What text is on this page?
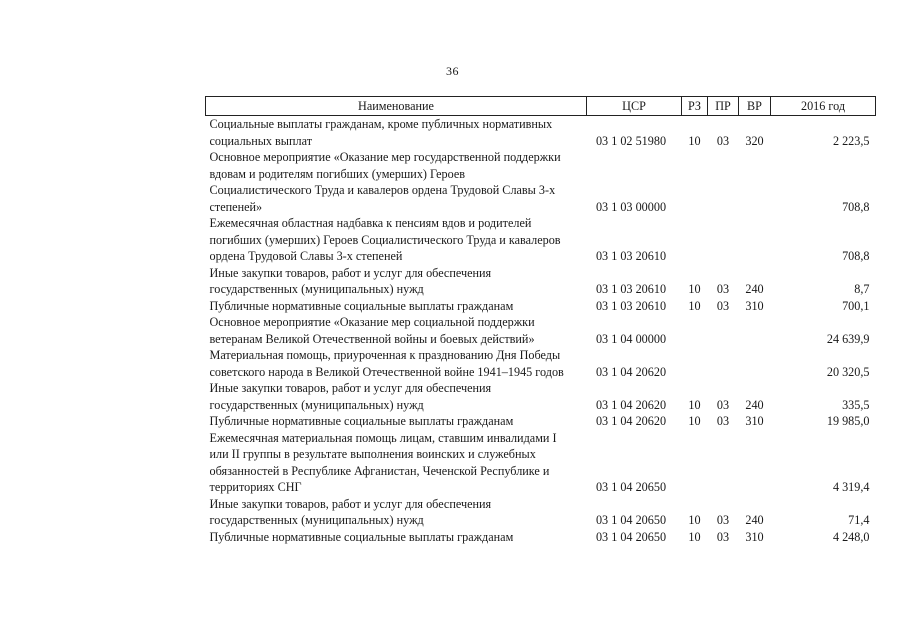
36
Наименование	ЦСР	РЗ	ПР	ВР	2016 год

Социальные выплаты гражданам, кроме публичных нормативных
социальных выплат	03 1 02 51980	10	03	320	2 223,5

Основное мероприятие «Оказание мер государственной поддержки
вдовам и родителям погибших (умерших) Героев
Социалистического Труда и кавалеров ордена Трудовой Славы 3-х
степеней»	03 1 03 00000				708,8

Ежемесячная областная надбавка к пенсиям вдов и родителей
погибших (умерших) Героев Социалистического Труда и кавалеров
ордена Трудовой Славы 3-х степеней	03 1 03 20610				708,8

Иные закупки товаров, работ и услуг для обеспечения
государственных (муниципальных) нужд	03 1 03 20610	10	03	240	8,7

Публичные нормативные социальные выплаты гражданам	03 1 03 20610	10	03	310	700,1

Основное мероприятие «Оказание мер социальной поддержки
ветеранам Великой Отечественной войны и боевых действий»	03 1 04 00000				24 639,9

Материальная помощь, приуроченная к празднованию Дня Победы
советского народа в Великой Отечественной войне 1941–1945 годов	03 1 04 20620				20 320,5

Иные закупки товаров, работ и услуг для обеспечения
государственных (муниципальных) нужд	03 1 04 20620	10	03	240	335,5

Публичные нормативные социальные выплаты гражданам	03 1 04 20620	10	03	310	19 985,0

Ежемесячная материальная помощь лицам, ставшим инвалидами I
или II группы в результате выполнения воинских и служебных
обязанностей в Республике Афганистан, Чеченской Республике и
территориях СНГ	03 1 04 20650				4 319,4

Иные закупки товаров, работ и услуг для обеспечения
государственных (муниципальных) нужд	03 1 04 20650	10	03	240	71,4

Публичные нормативные социальные выплаты гражданам	03 1 04 20650	10	03	310	4 248,0
